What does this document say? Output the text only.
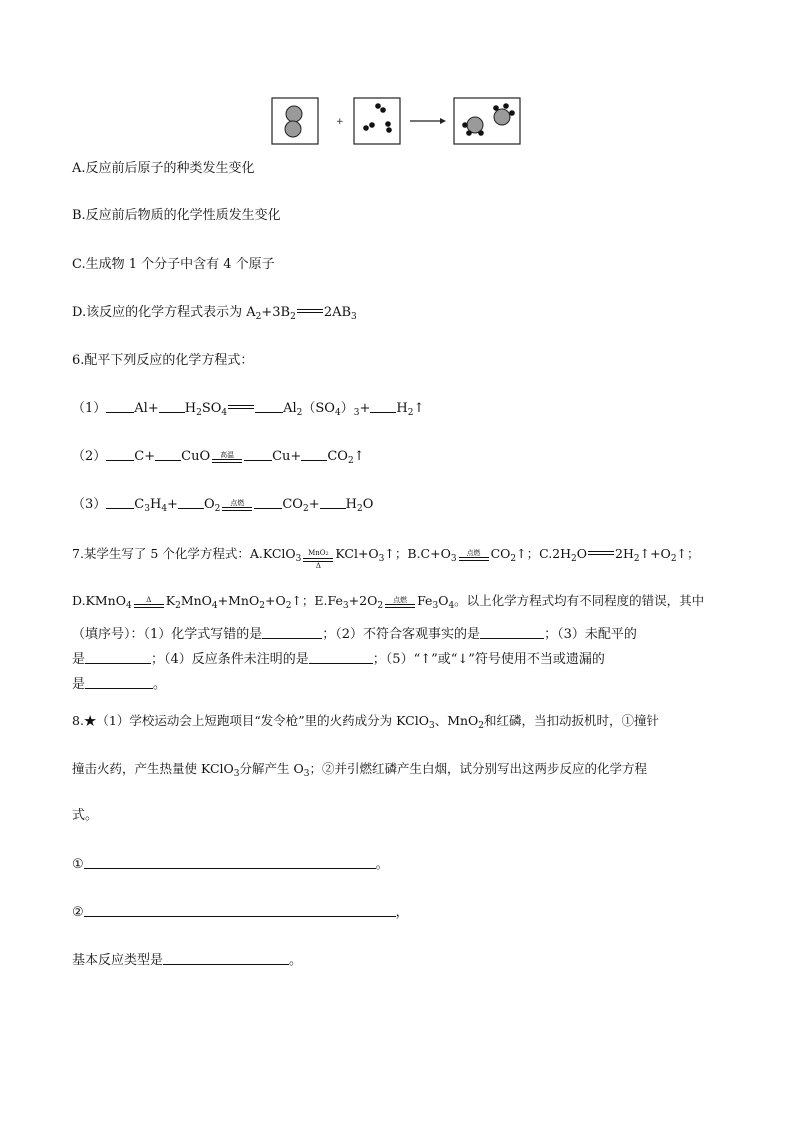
+
A.反应前后原子的种类发生变化
B.反应前后物质的化学性质发生变化
C.生成物 1 个分子中含有 4 个原子
D.该反应的化学方程式表示为 $A_2+3B_2$ $2AB_3$
6.配平下列反应的化学方程式：
（1） $Al+ H_2SO_4$	$Al_2(SO_4)_3+$ $H_2↑$
（2） C+ CuO 高温	$Cu+ CO_2↑$
（3） $C_3H_4+ O_2$
点燃	$CO_2+ H_2O$
7.某学生写了 5 个化学方程式：A.KClO$_3$
MnO2
Δ
$KCl+O_3↑$；$B.C+O_3$
点燃 $CO_2↑$；$C.2H_2O$ $2H_2↑+O_2↑$；
D.KMnO$_4$
Δ $K_2MnO_4+MnO_2+O_2↑$；$E.Fe_3+2O_2$
点燃 $Fe_3O_4$。以上化学方程式均有不同程度的错误，其中
（填序号）：（1）化学式写错的是	；（2）不符合客观事实的是	；（3）未配平的
是	；（4）反应条件未注明的是	；（5）“↑”或“↓”符号使用不当或遗漏的
是	。
8.★（1）学校运动会上短跑项目“发令枪”里的火药成分为 KClO$_3$、MnO$_2$和红磷，当扣动扳机时，①撞针
撞击火药，产生热量使 KClO$_3$分解产生 $O_3$；②并引燃红磷产生白烟，试分别写出这两步反应的化学方程
式。
①	。
②	，
基本反应类型是	。
